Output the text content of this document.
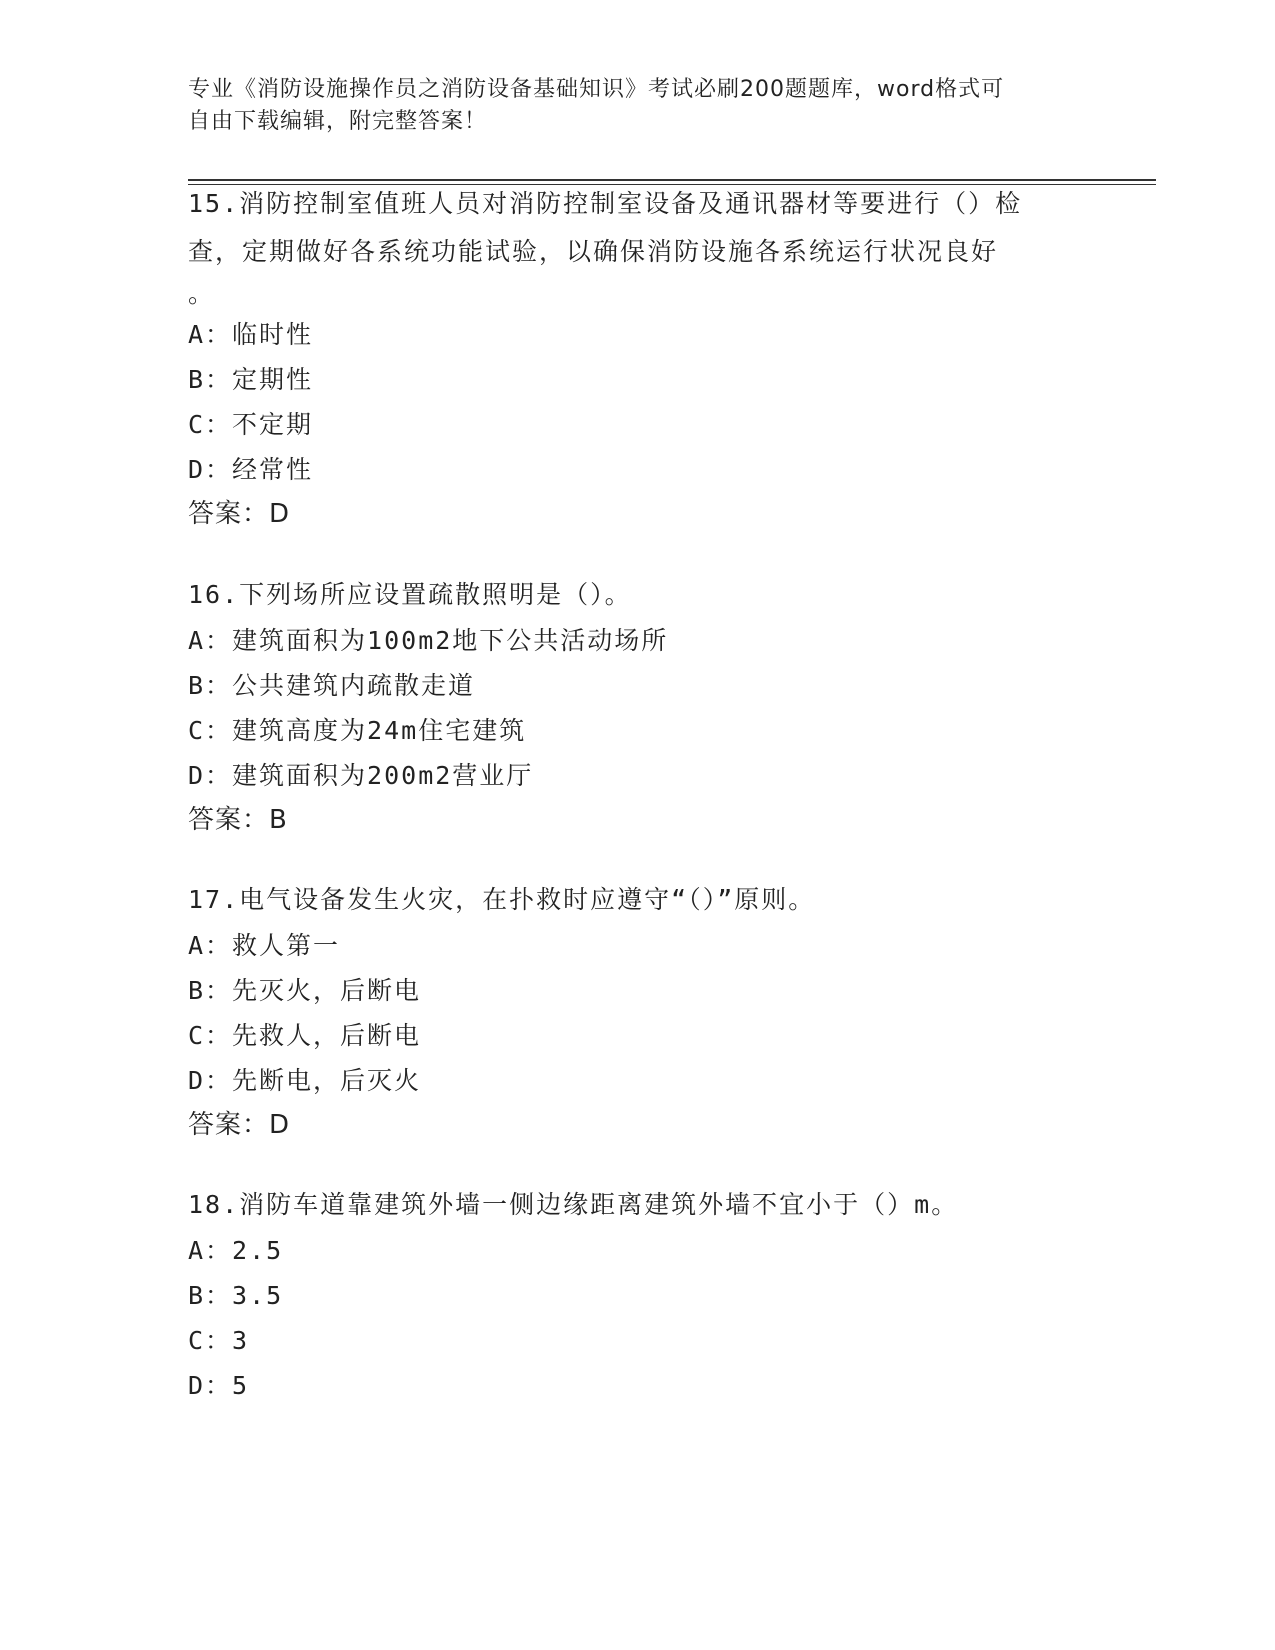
专业《消防设施操作员之消防设备基础知识》考试必刷200题题库，word格式可
自由下载编辑，附完整答案！
15.消防控制室值班人员对消防控制室设备及通讯器材等要进行（）检
查，定期做好各系统功能试验，以确保消防设施各系统运行状况良好
。
A：临时性
B：定期性
C：不定期
D：经常性
答案：D
16.下列场所应设置疏散照明是（）。
A：建筑面积为100m2地下公共活动场所
B：公共建筑内疏散走道
C：建筑高度为24m住宅建筑
D：建筑面积为200m2营业厅
答案：B
17.电气设备发生火灾，在扑救时应遵守“（）”原则。
A：救人第一
B：先灭火，后断电
C：先救人，后断电
D：先断电，后灭火
答案：D
18.消防车道靠建筑外墙一侧边缘距离建筑外墙不宜小于（）m。
A：2.5
B：3.5
C：3
D：5
